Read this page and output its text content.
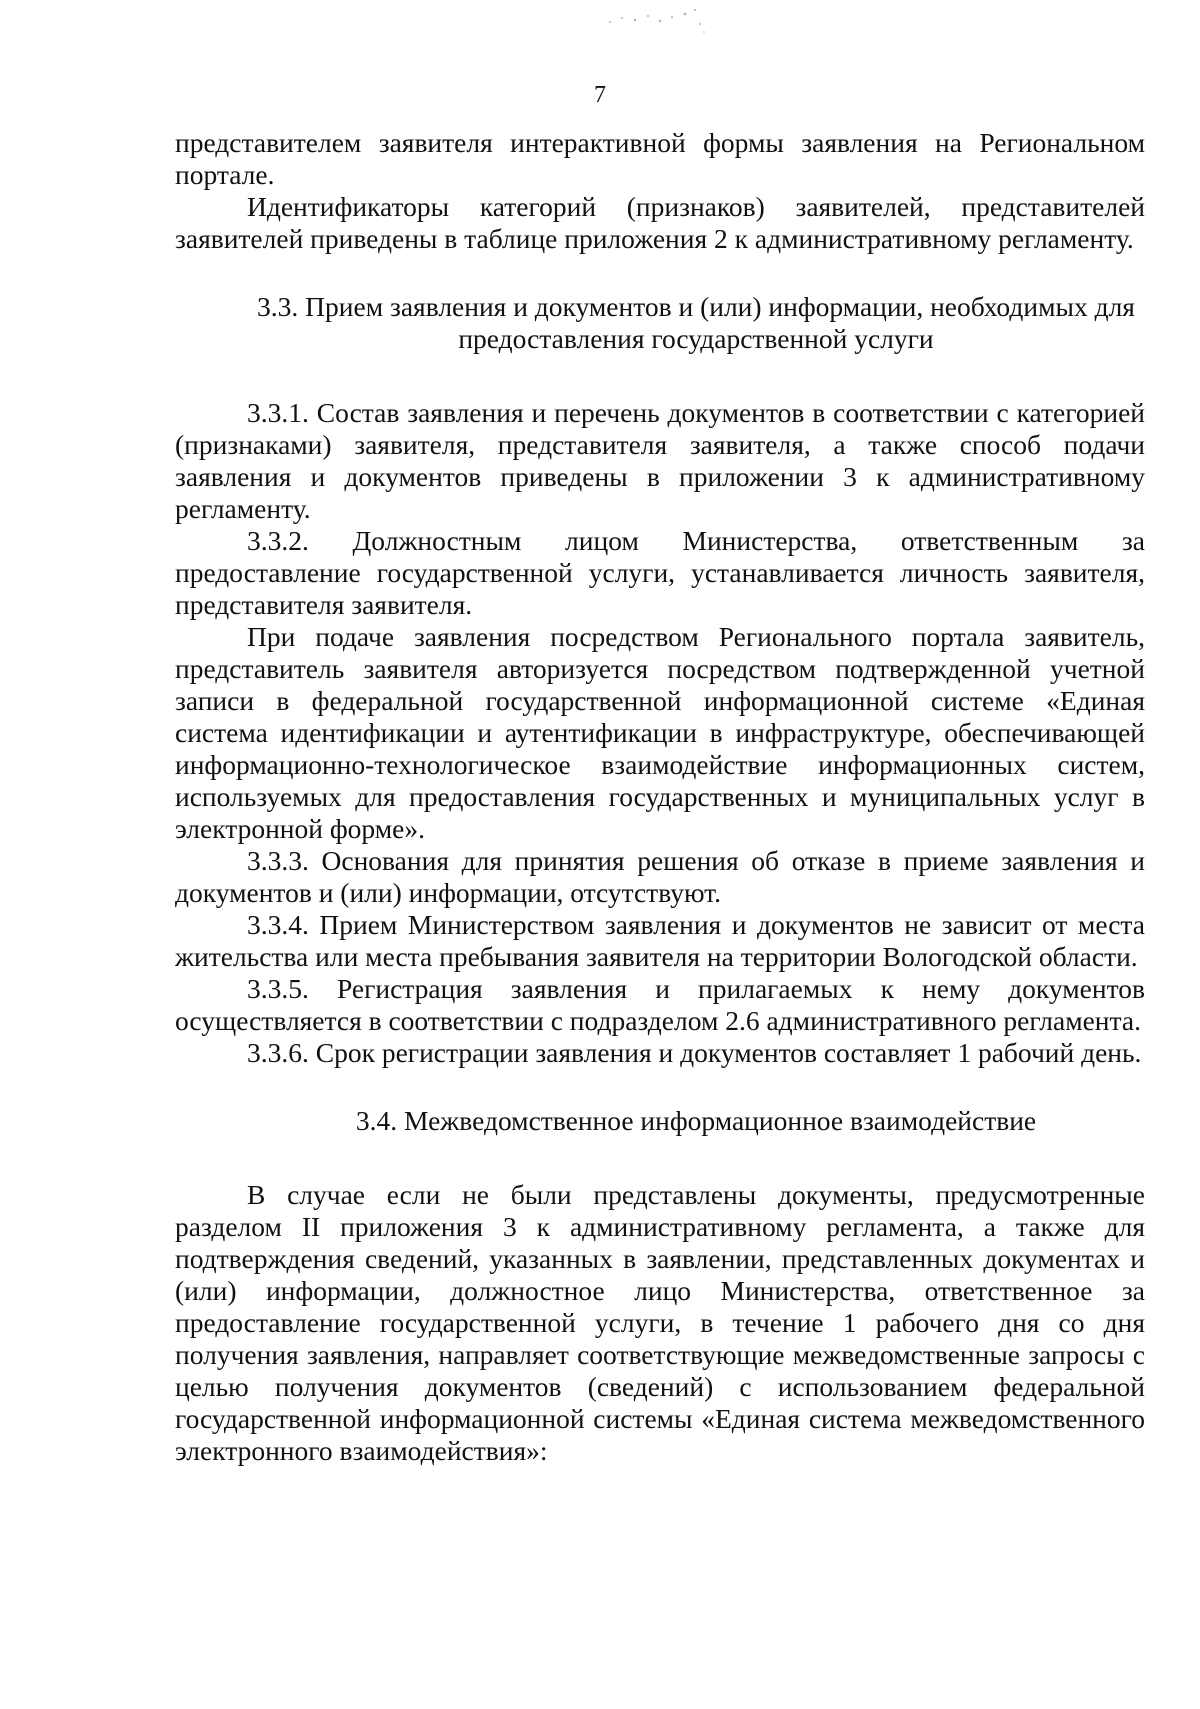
7

представителем заявителя интерактивной формы заявления на Региональном портале.

Идентификаторы категорий (признаков) заявителей, представителей заявителей приведены в таблице приложения 2 к административному регламенту.

3.3. Прием заявления и документов и (или) информации, необходимых для предоставления государственной услуги

3.3.1. Состав заявления и перечень документов в соответствии с категорией (признаками) заявителя, представителя заявителя, а также способ подачи заявления и документов приведены в приложении 3 к административному регламенту.

3.3.2. Должностным лицом Министерства, ответственным за предоставление государственной услуги, устанавливается личность заявителя, представителя заявителя.

При подаче заявления посредством Регионального портала заявитель, представитель заявителя авторизуется посредством подтвержденной учетной записи в федеральной государственной информационной системе «Единая система идентификации и аутентификации в инфраструктуре, обеспечивающей информационно-технологическое взаимодействие информационных систем, используемых для предоставления государственных и муниципальных услуг в электронной форме».

3.3.3. Основания для принятия решения об отказе в приеме заявления и документов и (или) информации, отсутствуют.

3.3.4. Прием Министерством заявления и документов не зависит от места жительства или места пребывания заявителя на территории Вологодской области.

3.3.5. Регистрация заявления и прилагаемых к нему документов осуществляется в соответствии с подразделом 2.6 административного регламента.

3.3.6. Срок регистрации заявления и документов составляет 1 рабочий день.

3.4. Межведомственное информационное взаимодействие

В случае если не были представлены документы, предусмотренные разделом II приложения 3 к административному регламента, а также для подтверждения сведений, указанных в заявлении, представленных документах и (или) информации, должностное лицо Министерства, ответственное за предоставление государственной услуги, в течение 1 рабочего дня со дня получения заявления, направляет соответствующие межведомственные запросы с целью получения документов (сведений) с использованием федеральной государственной информационной системы «Единая система межведомственного электронного взаимодействия»:
